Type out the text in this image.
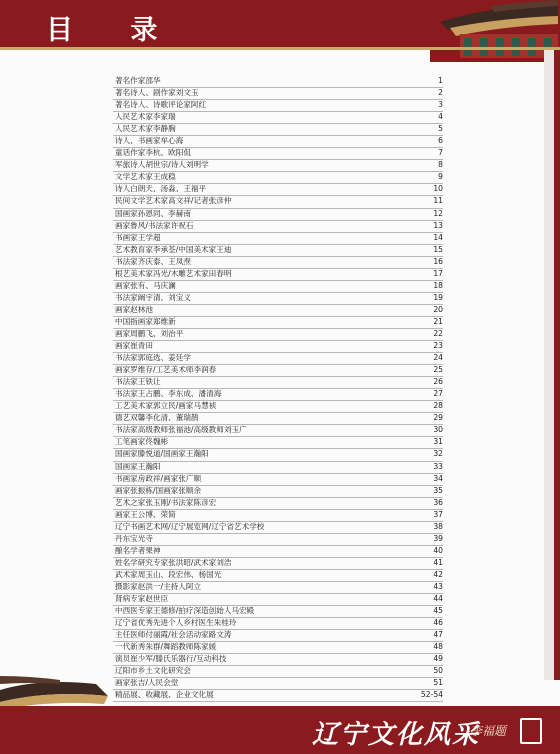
目 录
著名作家邵华	1
著名诗人、剧作家刘文玉	2
著名诗人、诗歌评论家阿红	3
人民艺术家李家瑞	4
人民艺术家李静胸	5
诗人、书画家牟心海	6
童话作家李杭、欧阳侃	7
军旅诗人胡世宗/诗人刘明学	8
文学艺术家王成稳	9
诗人白朗天、汤淼、王福平	10
民间文学艺术家高文祥/记者张彦仲	11
国画家孙恩同、李赫南	12
画家鲁风/书法家许祝石	13
书画家王学超	14
艺术教育家李承荃/中国美术家王迪	15
书法家齐庆泰、王凤焘	16
根艺美术家冯光/木雕艺术家田春明	17
画家张有、马庆澜	18
书法家阚宇清、刘宝义	19
画家赵林池	20
中国指画家郑维新	21
画家周鹏飞、刘治平	22
画家崔青田	23
书法家郭庭选、姜廷学	24
画家罗维存/工艺美术师李润春	25
书法家王铁让	26
书法家王占鹏、李东成、潘清海	27
工艺美术家郭立民/画家马慧祯	28
德艺双馨李化清、董瑞鹊	29
书法家高级教师张福池/高级教师刘玉广	30
工笔画家佟魏彬	31
国画家滕悦道/国画家王瀚阳	32
国画家王瀚阳	33
书画家房政祥/画家张广顺	34
画家张振栋/国画家张顺余	35
艺术之家张玉刚/书法家陈彦宏	36
画家王公博、荣简	37
辽宁书画艺术网/辽宁展览网/辽宁省艺术学校	38
丹东宝光寺	39
酿名学者果神	40
姓名学研究专家张洪昭/武术家刘浩	41
武术家周玉山、段宏伟、杨国光	42
摄影家赵洪一/主持人阿立	43
肾病专家赵世臣	44
中西医专家王德修/拍疗深造创始人马宏殿	45
辽宁省优秀先进个人乡村医生朱桂玲	46
主任医师付丽霞/社会活动家路文涛	47
一代新秀朱群/舞蹈教师陈家媛	48
演员崔少军/滕氏乐器行/互动科技	49
辽阳市乡土文化研究会	50
画家张吉/人民会堂	51
精品展、收藏展、企业文化展	52-54
辽宁文化风采
李福题
